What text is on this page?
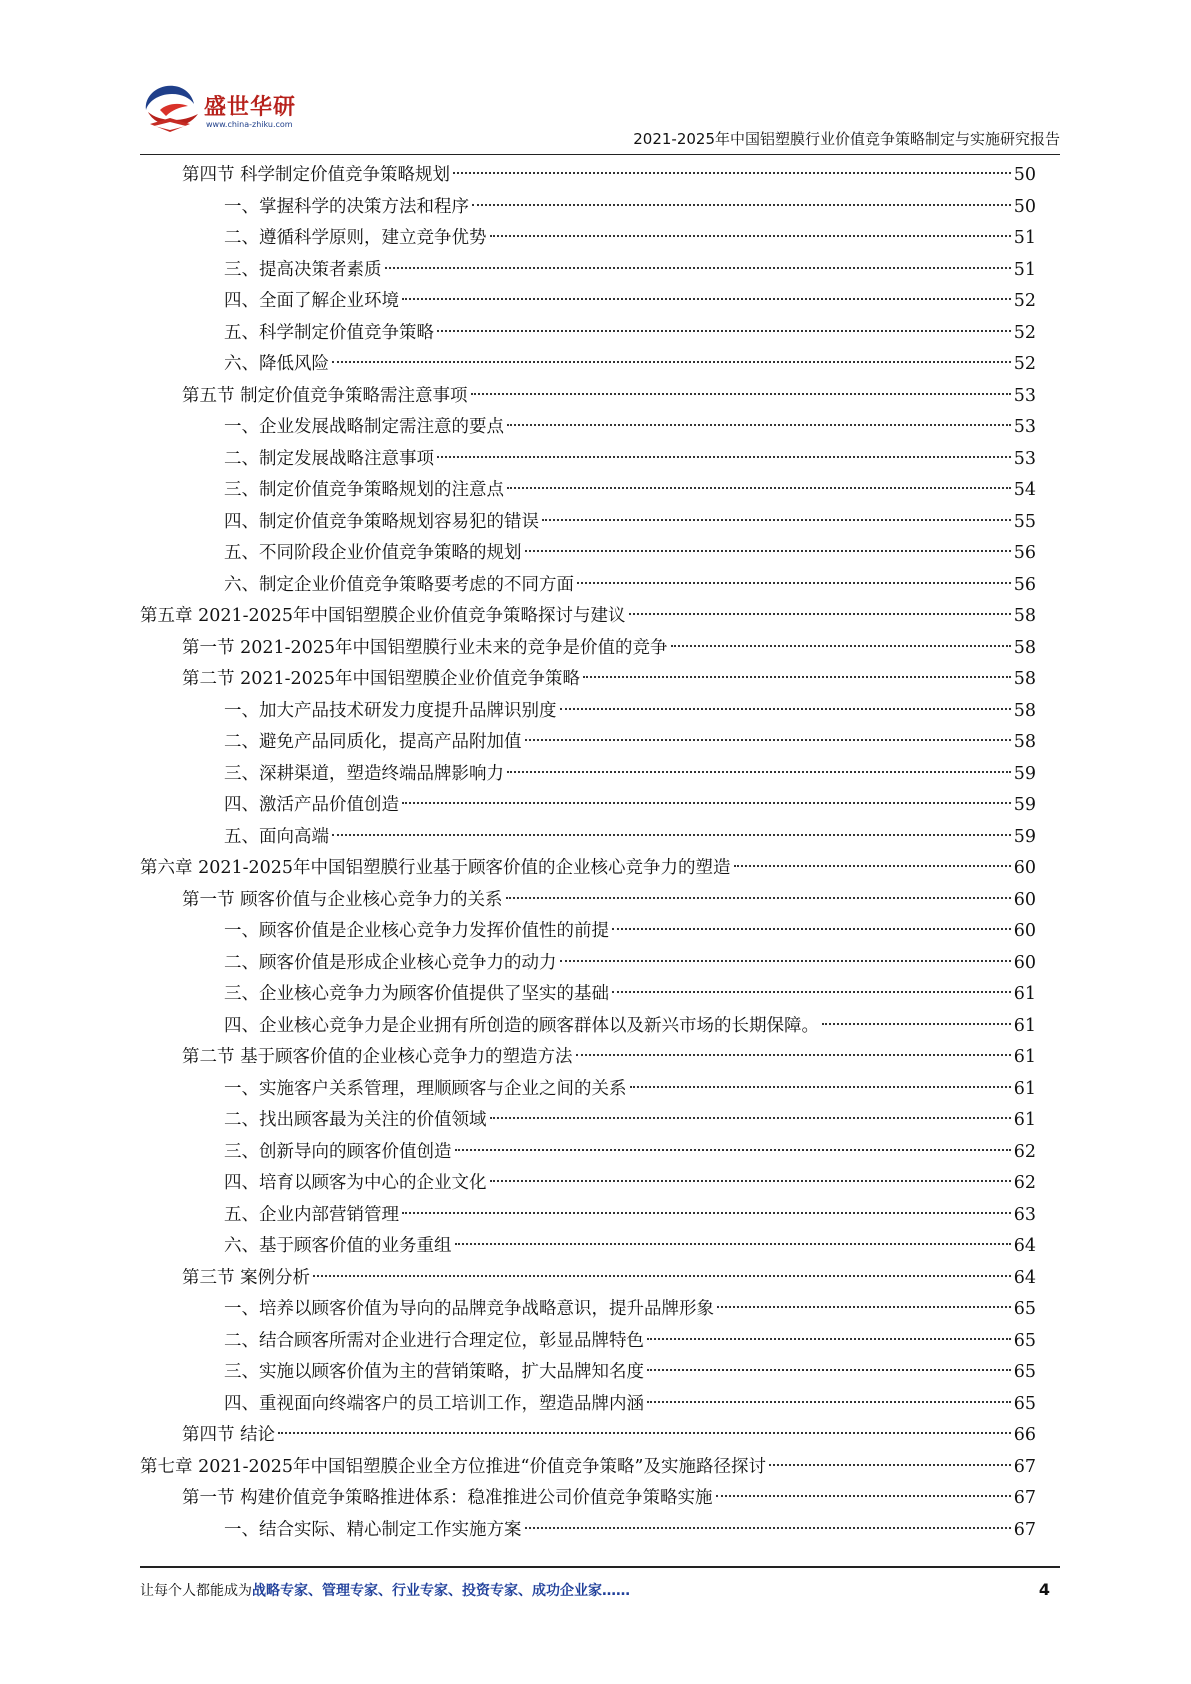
盛世华研
www.china-zhiku.com
2021-2025年中国铝塑膜行业价值竞争策略制定与实施研究报告
第四节 科学制定价值竞争策略规划	50
一、掌握科学的决策方法和程序	50
二、遵循科学原则，建立竞争优势	51
三、提高决策者素质	51
四、全面了解企业环境	52
五、科学制定价值竞争策略	52
六、降低风险	52
第五节 制定价值竞争策略需注意事项	53
一、企业发展战略制定需注意的要点	53
二、制定发展战略注意事项	53
三、制定价值竞争策略规划的注意点	54
四、制定价值竞争策略规划容易犯的错误	55
五、不同阶段企业价值竞争策略的规划	56
六、制定企业价值竞争策略要考虑的不同方面	56
第五章 2021-2025年中国铝塑膜企业价值竞争策略探讨与建议	58
第一节 2021-2025年中国铝塑膜行业未来的竞争是价值的竞争	58
第二节 2021-2025年中国铝塑膜企业价值竞争策略	58
一、加大产品技术研发力度提升品牌识别度	58
二、避免产品同质化，提高产品附加值	58
三、深耕渠道，塑造终端品牌影响力	59
四、激活产品价值创造	59
五、面向高端	59
第六章 2021-2025年中国铝塑膜行业基于顾客价值的企业核心竞争力的塑造	60
第一节 顾客价值与企业核心竞争力的关系	60
一、顾客价值是企业核心竞争力发挥价值性的前提	60
二、顾客价值是形成企业核心竞争力的动力	60
三、企业核心竞争力为顾客价值提供了坚实的基础	61
四、企业核心竞争力是企业拥有所创造的顾客群体以及新兴市场的长期保障。	61
第二节 基于顾客价值的企业核心竞争力的塑造方法	61
一、实施客户关系管理，理顺顾客与企业之间的关系	61
二、找出顾客最为关注的价值领域	61
三、创新导向的顾客价值创造	62
四、培育以顾客为中心的企业文化	62
五、企业内部营销管理	63
六、基于顾客价值的业务重组	64
第三节 案例分析	64
一、培养以顾客价值为导向的品牌竞争战略意识，提升品牌形象	65
二、结合顾客所需对企业进行合理定位，彰显品牌特色	65
三、实施以顾客价值为主的营销策略，扩大品牌知名度	65
四、重视面向终端客户的员工培训工作，塑造品牌内涵	65
第四节 结论	66
第七章 2021-2025年中国铝塑膜企业全方位推进“价值竞争策略”及实施路径探讨	67
第一节 构建价值竞争策略推进体系：稳准推进公司价值竞争策略实施	67
一、结合实际、精心制定工作实施方案	67
让每个人都能成为战略专家、管理专家、行业专家、投资专家、成功企业家……	4
